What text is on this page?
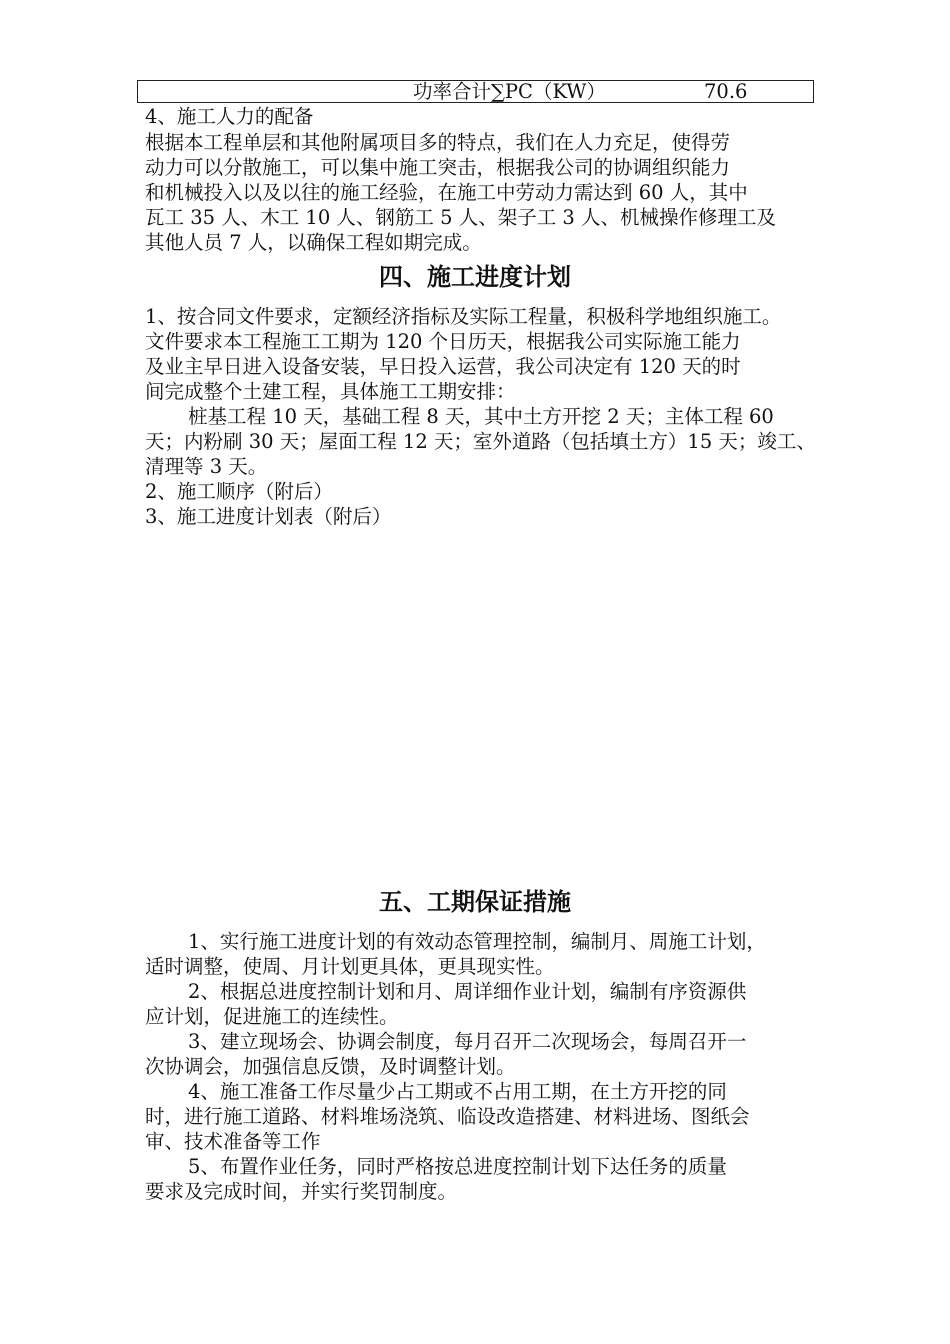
功率合计∑PC（KW）	70.6
4、施工人力的配备
根据本工程单层和其他附属项目多的特点，我们在人力充足，使得劳
动力可以分散施工，可以集中施工突击，根据我公司的协调组织能力
和机械投入以及以往的施工经验，在施工中劳动力需达到 60 人，其中
瓦工 35 人、木工 10 人、钢筋工 5 人、架子工 3 人、机械操作修理工及
其他人员 7 人，以确保工程如期完成。
四、施工进度计划
1、按合同文件要求，定额经济指标及实际工程量，积极科学地组织施工。
文件要求本工程施工工期为 120 个日历天，根据我公司实际施工能力
及业主早日进入设备安装，早日投入运营，我公司决定有 120 天的时
间完成整个土建工程，具体施工工期安排：
桩基工程 10 天，基础工程 8 天，其中土方开挖 2 天；主体工程 60
天；内粉刷 30 天；屋面工程 12 天；室外道路（包括填土方）15 天；竣工、
清理等 3 天。
2、施工顺序（附后）
3、施工进度计划表（附后）
五、工期保证措施
1、实行施工进度计划的有效动态管理控制，编制月、周施工计划，
适时调整，使周、月计划更具体，更具现实性。
2、根据总进度控制计划和月、周详细作业计划，编制有序资源供
应计划，促进施工的连续性。
3、建立现场会、协调会制度，每月召开二次现场会，每周召开一
次协调会，加强信息反馈，及时调整计划。
4、施工准备工作尽量少占工期或不占用工期，在土方开挖的同
时，进行施工道路、材料堆场浇筑、临设改造搭建、材料进场、图纸会
审、技术准备等工作
5、布置作业任务，同时严格按总进度控制计划下达任务的质量
要求及完成时间，并实行奖罚制度。
